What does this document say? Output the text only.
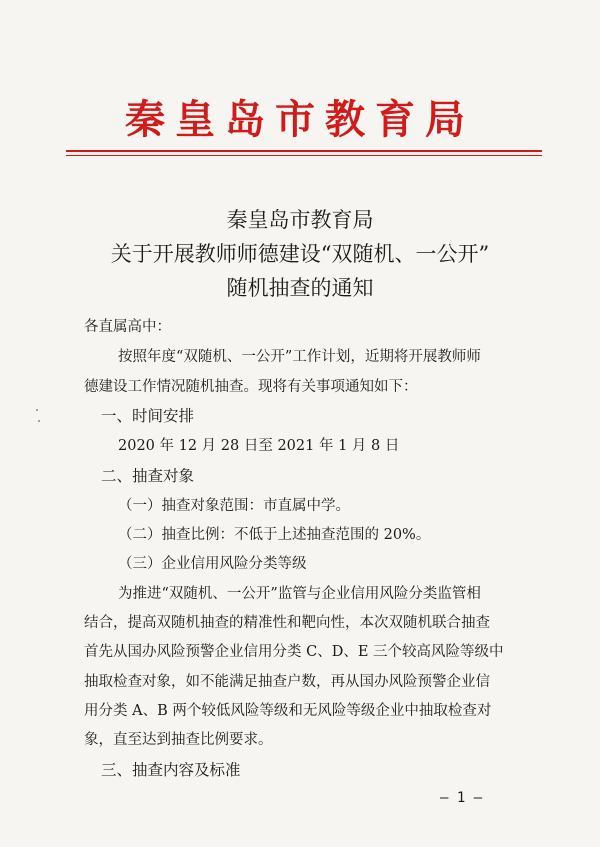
秦皇岛市教育局
秦皇岛市教育局
关于开展教师师德建设“双随机、一公开”
随机抽查的通知
各直属高中：
按照年度“双随机、一公开”工作计划，近期将开展教师师
德建设工作情况随机抽查。现将有关事项通知如下：
一、时间安排
2020 年 12 月 28 日至 2021 年 1 月 8 日
二、抽查对象
（一）抽查对象范围：市直属中学。
（二）抽查比例：不低于上述抽查范围的 20%。
（三）企业信用风险分类等级
为推进“双随机、一公开”监管与企业信用风险分类监管相
结合，提高双随机抽查的精准性和靶向性，本次双随机联合抽查
首先从国办风险预警企业信用分类 C、D、E 三个较高风险等级中
抽取检查对象，如不能满足抽查户数，再从国办风险预警企业信
用分类 A、B 两个较低风险等级和无风险等级企业中抽取检查对
象，直至达到抽查比例要求。
三、抽查内容及标准
— 1 —
